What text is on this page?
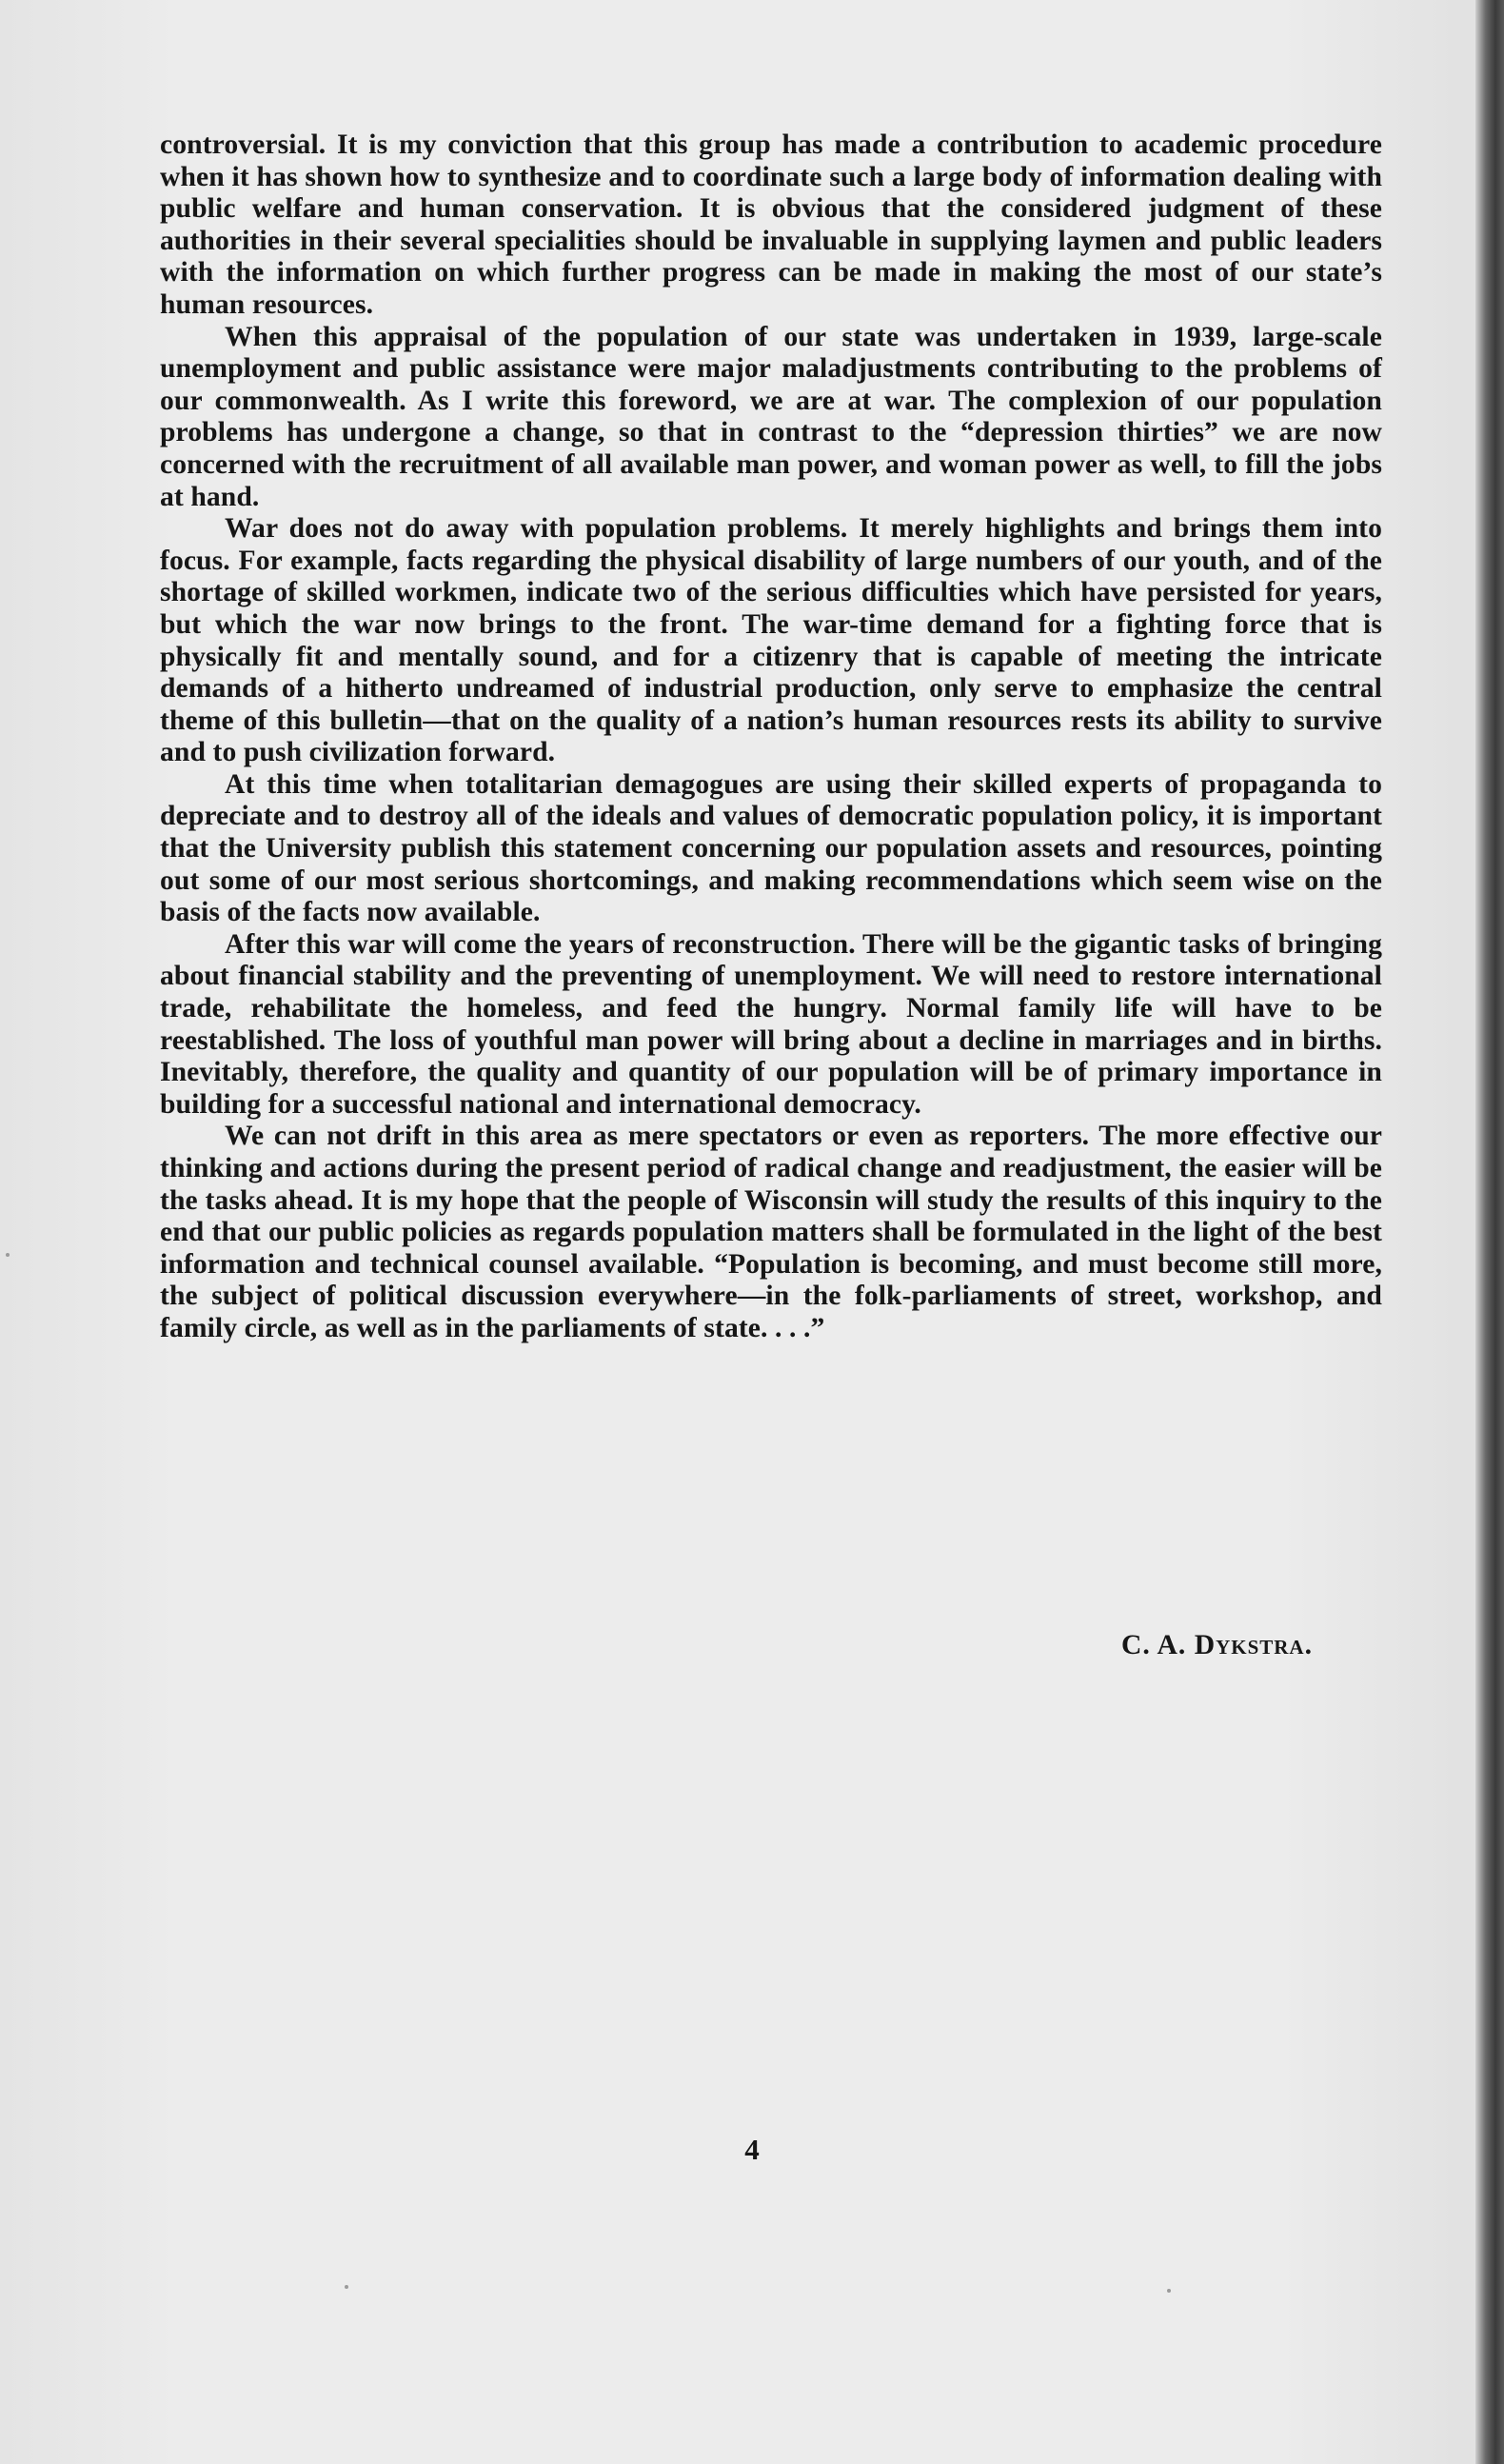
controversial. It is my conviction that this group has made a contribution to academic procedure when it has shown how to synthesize and to coordinate such a large body of information dealing with public welfare and human conservation. It is obvious that the considered judgment of these authorities in their several specialities should be invaluable in supplying laymen and public leaders with the information on which further progress can be made in making the most of our state’s human resources.

When this appraisal of the population of our state was undertaken in 1939, large-scale unemployment and public assistance were major maladjustments contributing to the problems of our commonwealth. As I write this foreword, we are at war. The complexion of our population problems has undergone a change, so that in contrast to the “depression thirties” we are now concerned with the recruitment of all available man power, and woman power as well, to fill the jobs at hand.

War does not do away with population problems. It merely highlights and brings them into focus. For example, facts regarding the physical disability of large numbers of our youth, and of the shortage of skilled workmen, indicate two of the serious difficulties which have persisted for years, but which the war now brings to the front. The war-time demand for a fighting force that is physically fit and mentally sound, and for a citizenry that is capable of meeting the intricate demands of a hitherto undreamed of industrial production, only serve to emphasize the central theme of this bulletin—that on the quality of a nation’s human resources rests its ability to survive and to push civilization forward.

At this time when totalitarian demagogues are using their skilled experts of propaganda to depreciate and to destroy all of the ideals and values of democratic population policy, it is important that the University publish this statement concerning our population assets and resources, pointing out some of our most serious shortcomings, and making recommendations which seem wise on the basis of the facts now available.

After this war will come the years of reconstruction. There will be the gigantic tasks of bringing about financial stability and the preventing of unemployment. We will need to restore international trade, rehabilitate the homeless, and feed the hungry. Normal family life will have to be reestablished. The loss of youthful man power will bring about a decline in marriages and in births. Inevitably, therefore, the quality and quantity of our population will be of primary importance in building for a successful national and international democracy.

We can not drift in this area as mere spectators or even as reporters. The more effective our thinking and actions during the present period of radical change and readjustment, the easier will be the tasks ahead. It is my hope that the people of Wisconsin will study the results of this inquiry to the end that our public policies as regards population matters shall be formulated in the light of the best information and technical counsel available. “Population is becoming, and must become still more, the subject of political discussion everywhere—in the folk-parliaments of street, workshop, and family circle, as well as in the parliaments of state. . . .”

C. A. Dykstra.
4
